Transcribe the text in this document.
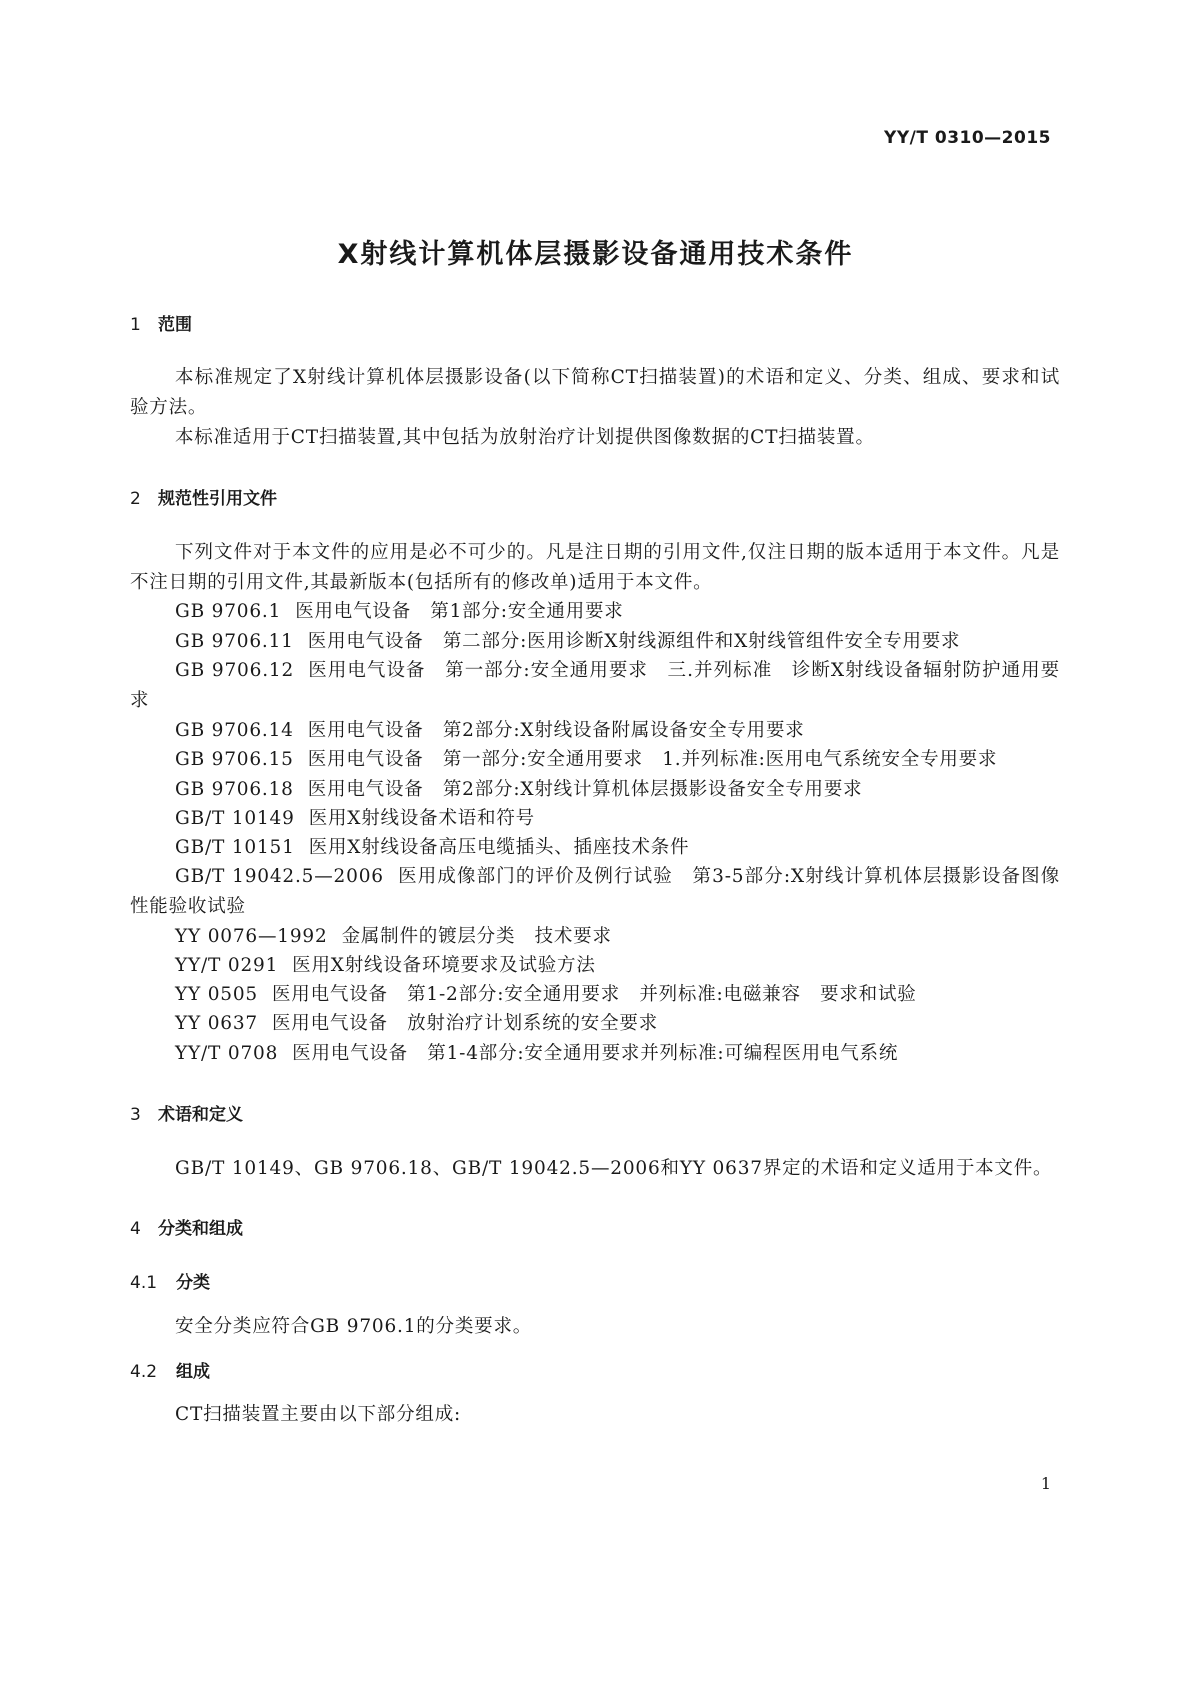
YY/T 0310—2015
X射线计算机体层摄影设备通用技术条件
1 范围
本标准规定了X射线计算机体层摄影设备(以下简称CT扫描装置)的术语和定义、分类、组成、要求和试验方法。
本标准适用于CT扫描装置,其中包括为放射治疗计划提供图像数据的CT扫描装置。
2 规范性引用文件
下列文件对于本文件的应用是必不可少的。凡是注日期的引用文件,仅注日期的版本适用于本文件。凡是不注日期的引用文件,其最新版本(包括所有的修改单)适用于本文件。
GB 9706.1 医用电气设备　第1部分:安全通用要求
GB 9706.11 医用电气设备　第二部分:医用诊断X射线源组件和X射线管组件安全专用要求
GB 9706.12 医用电气设备　第一部分:安全通用要求　三.并列标准　诊断X射线设备辐射防护通用要求
GB 9706.14 医用电气设备　第2部分:X射线设备附属设备安全专用要求
GB 9706.15 医用电气设备　第一部分:安全通用要求　1.并列标准:医用电气系统安全专用要求
GB 9706.18 医用电气设备　第2部分:X射线计算机体层摄影设备安全专用要求
GB/T 10149 医用X射线设备术语和符号
GB/T 10151 医用X射线设备高压电缆插头、插座技术条件
GB/T 19042.5—2006 医用成像部门的评价及例行试验　第3-5部分:X射线计算机体层摄影设备图像性能验收试验
YY 0076—1992 金属制件的镀层分类　技术要求
YY/T 0291 医用X射线设备环境要求及试验方法
YY 0505 医用电气设备　第1-2部分:安全通用要求　并列标准:电磁兼容　要求和试验
YY 0637 医用电气设备　放射治疗计划系统的安全要求
YY/T 0708 医用电气设备　第1-4部分:安全通用要求并列标准:可编程医用电气系统
3 术语和定义
GB/T 10149、GB 9706.18、GB/T 19042.5—2006和YY 0637界定的术语和定义适用于本文件。
4 分类和组成
4.1 分类
安全分类应符合GB 9706.1的分类要求。
4.2 组成
CT扫描装置主要由以下部分组成:
1
